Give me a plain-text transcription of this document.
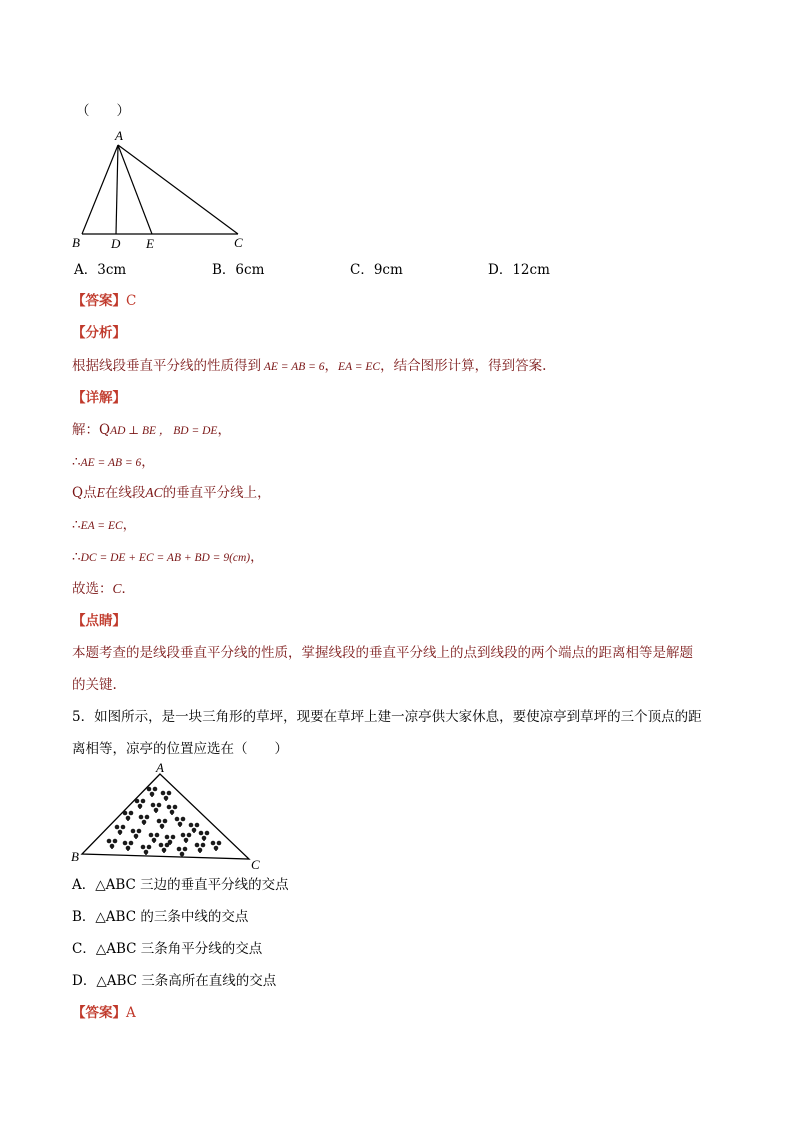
（　　）
A
B D E	C
A．3cm	B．6cm	C．9cm	D．12cm
【答案】C
【分析】
根据线段垂直平分线的性质得到 AE = AB = 6，EA = EC，结合图形计算，得到答案.
【详解】
解：QAD ⊥ BE ， BD = DE，
∴AE = AB = 6，
Q点E在线段AC的垂直平分线上，
∴EA = EC，
∴DC = DE + EC = AB + BD = 9(cm)，
故选：C．
【点睛】
本题考查的是线段垂直平分线的性质，掌握线段的垂直平分线上的点到线段的两个端点的距离相等是解题
的关键.
5．如图所示，是一块三角形的草坪，现要在草坪上建一凉亭供大家休息，要使凉亭到草坪的三个顶点的距
离相等，凉亭的位置应选在（　　）
A
B
C
A．△ABC 三边的垂直平分线的交点
B．△ABC 的三条中线的交点
C．△ABC 三条角平分线的交点
D．△ABC 三条高所在直线的交点
【答案】A
